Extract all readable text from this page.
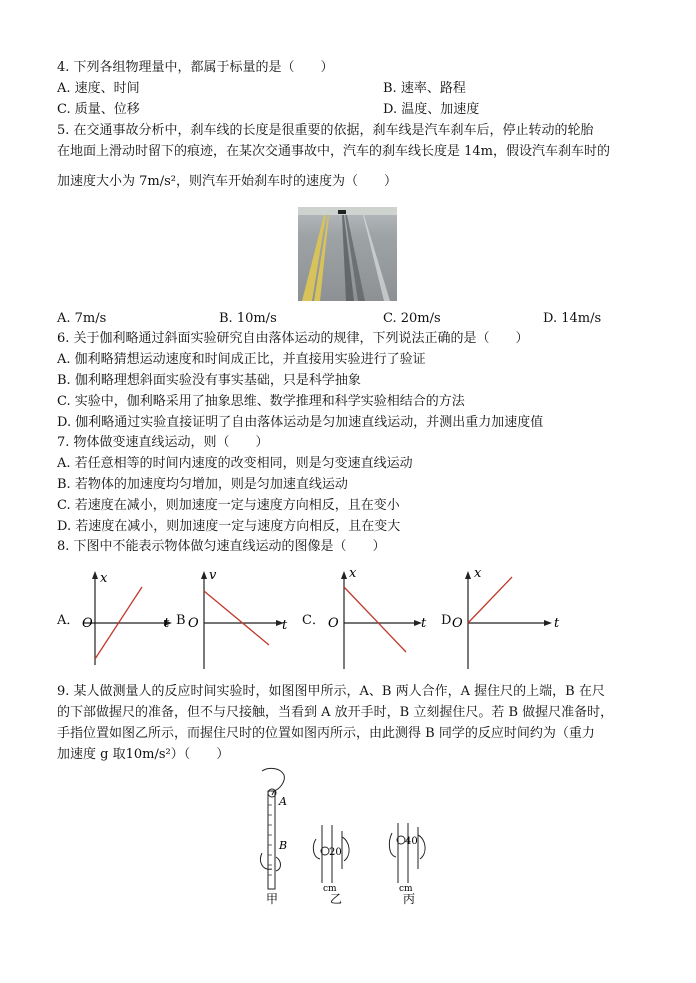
4. 下列各组物理量中，都属于标量的是（　　）
A. 速度、时间	B. 速率、路程
C. 质量、位移	D. 温度、加速度
5. 在交通事故分析中，刹车线的长度是很重要的依据，刹车线是汽车刹车后，停止转动的轮胎
在地面上滑动时留下的痕迹，在某次交通事故中，汽车的刹车线长度是 14m，假设汽车刹车时的
加速度大小为 7m/s²，则汽车开始刹车时的速度为（　　）
A. 7m/s	B. 10m/s	C. 20m/s	D. 14m/s
6. 关于伽利略通过斜面实验研究自由落体运动的规律，下列说法正确的是（　　）
A. 伽利略猜想运动速度和时间成正比，并直接用实验进行了验证
B. 伽利略理想斜面实验没有事实基础，只是科学抽象
C. 实验中，伽利略采用了抽象思维、数学推理和科学实验相结合的方法
D. 伽利略通过实验直接证明了自由落体运动是匀加速直线运动，并测出重力加速度值
7. 物体做变速直线运动，则（　　）
A. 若任意相等的时间内速度的改变相同，则是匀变速直线运动
B. 若物体的加速度均匀增加，则是匀加速直线运动
C. 若速度在减小，则加速度一定与速度方向相反，且在变小
D. 若速度在减小，则加速度一定与速度方向相反，且在变大
8. 下图中不能表示物体做匀速直线运动的图像是（　　）
A．
x
t
O	B
v
t
O	C．
x
t
O	D
x
t
O
9. 某人做测量人的反应时间实验时，如图图甲所示，A、B 两人合作，A 握住尺的上端，B 在尺
的下部做握尺的准备，但不与尺接触，当看到 A 放开手时，B 立刻握住尺。若 B 做握尺准备时，
手指位置如图乙所示，而握住尺时的位置如图丙所示，由此测得 B 同学的反应时间约为（重力
加速度 g 取10m/s²）（　　）
A
B
甲
20
cm
乙
40
cm
丙
